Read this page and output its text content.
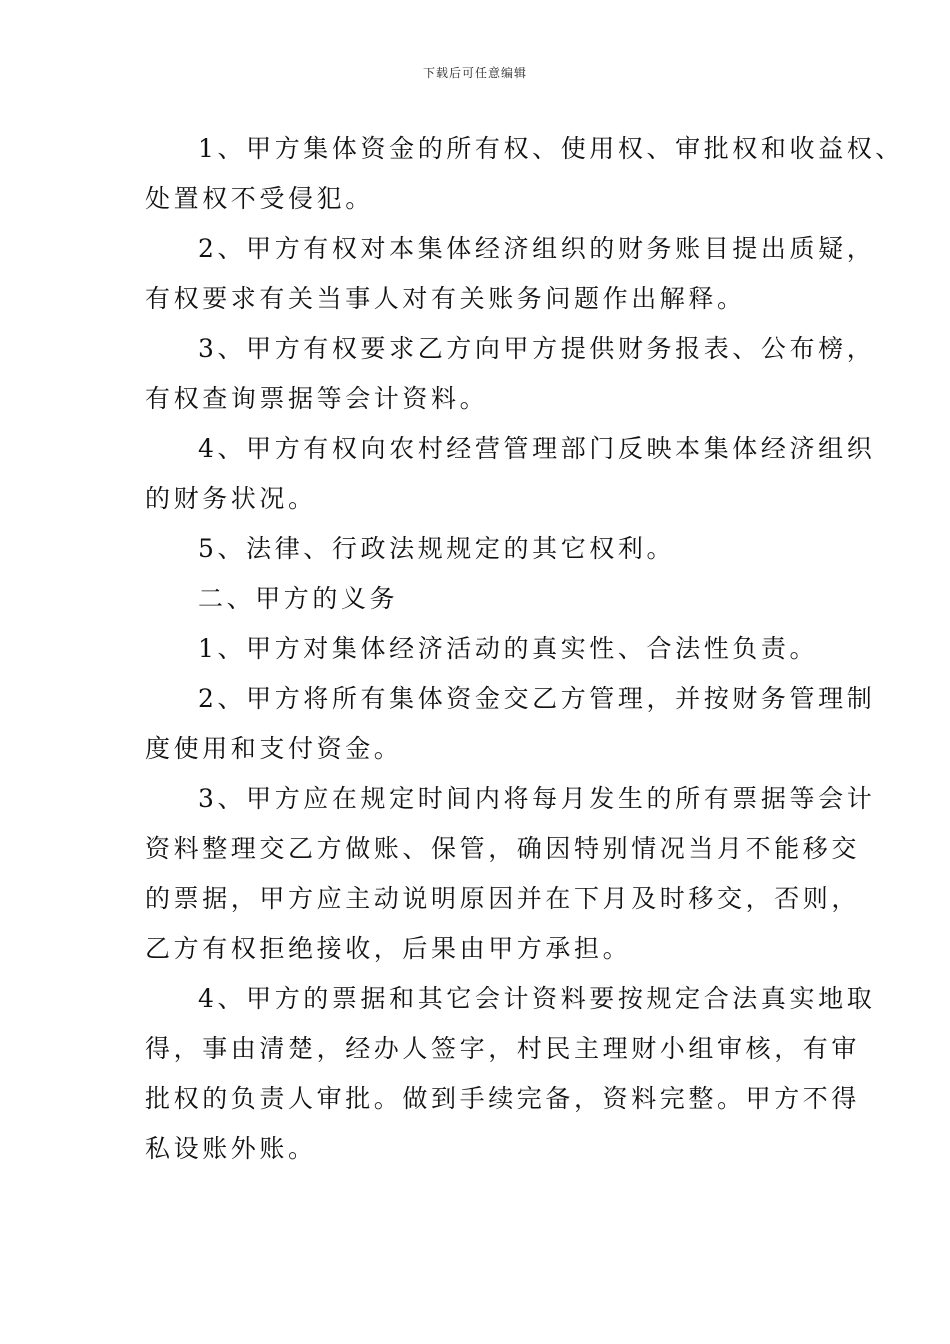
下载后可任意编辑
1、甲方集体资金的所有权、使用权、审批权和收益权、
处置权不受侵犯。
2、甲方有权对本集体经济组织的财务账目提出质疑，
有权要求有关当事人对有关账务问题作出解释。
3、甲方有权要求乙方向甲方提供财务报表、公布榜，
有权查询票据等会计资料。
4、甲方有权向农村经营管理部门反映本集体经济组织
的财务状况。
5、法律、行政法规规定的其它权利。
二、甲方的义务
1、甲方对集体经济活动的真实性、合法性负责。
2、甲方将所有集体资金交乙方管理，并按财务管理制
度使用和支付资金。
3、甲方应在规定时间内将每月发生的所有票据等会计
资料整理交乙方做账、保管，确因特别情况当月不能移交
的票据，甲方应主动说明原因并在下月及时移交，否则，
乙方有权拒绝接收，后果由甲方承担。
4、甲方的票据和其它会计资料要按规定合法真实地取
得，事由清楚，经办人签字，村民主理财小组审核，有审
批权的负责人审批。做到手续完备，资料完整。甲方不得
私设账外账。
